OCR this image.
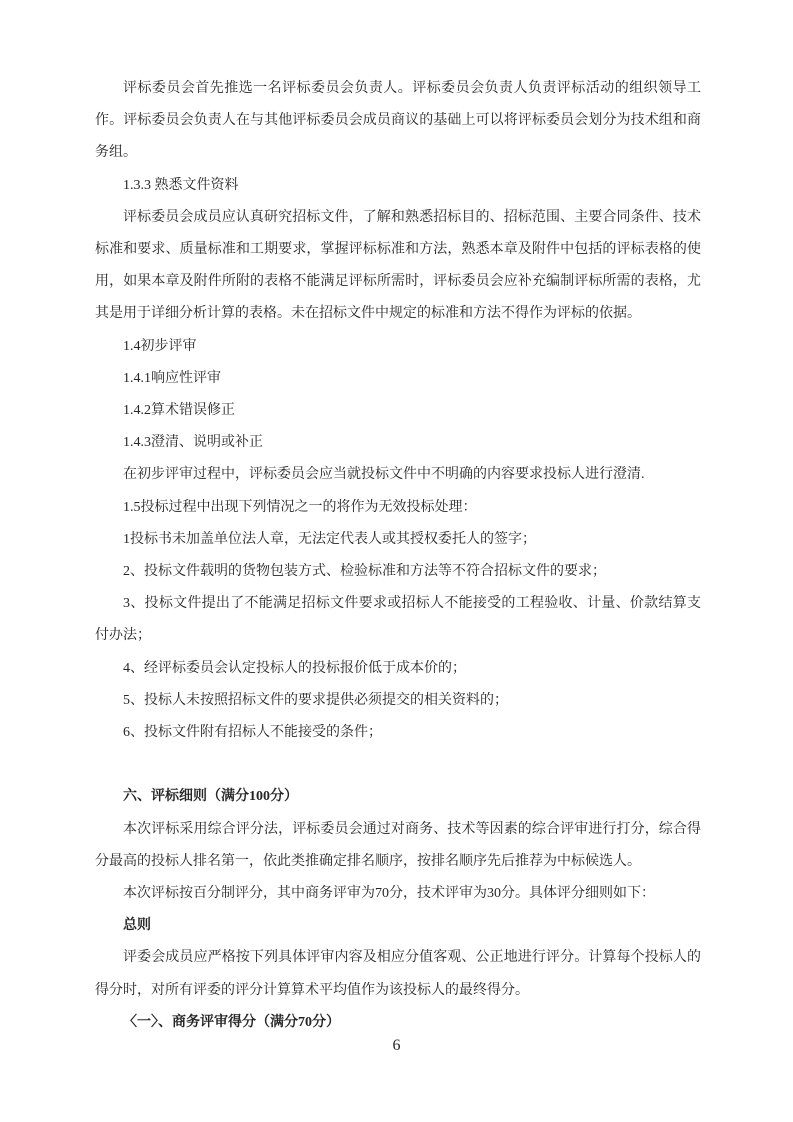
评标委员会首先推选一名评标委员会负责人。评标委员会负责人负责评标活动的组织领导工作。评标委员会负责人在与其他评标委员会成员商议的基础上可以将评标委员会划分为技术组和商务组。

1.3.3 熟悉文件资料

评标委员会成员应认真研究招标文件，了解和熟悉招标目的、招标范围、主要合同条件、技术标准和要求、质量标准和工期要求，掌握评标标准和方法，熟悉本章及附件中包括的评标表格的使用，如果本章及附件所附的表格不能满足评标所需时，评标委员会应补充编制评标所需的表格，尤其是用于详细分析计算的表格。未在招标文件中规定的标准和方法不得作为评标的依据。

1.4初步评审

1.4.1响应性评审

1.4.2算术错误修正

1.4.3澄清、说明或补正

在初步评审过程中，评标委员会应当就投标文件中不明确的内容要求投标人进行澄清.

1.5投标过程中出现下列情况之一的将作为无效投标处理：

1投标书未加盖单位法人章，无法定代表人或其授权委托人的签字；

2、投标文件载明的货物包装方式、检验标准和方法等不符合招标文件的要求；

3、投标文件提出了不能满足招标文件要求或招标人不能接受的工程验收、计量、价款结算支付办法；

4、经评标委员会认定投标人的投标报价低于成本价的；

5、投标人未按照招标文件的要求提供必须提交的相关资料的；

6、投标文件附有招标人不能接受的条件；

六、评标细则（满分100分）

本次评标采用综合评分法，评标委员会通过对商务、技术等因素的综合评审进行打分，综合得分最高的投标人排名第一，依此类推确定排名顺序，按排名顺序先后推荐为中标候选人。

本次评标按百分制评分，其中商务评审为70分，技术评审为30分。具体评分细则如下：

总则

评委会成员应严格按下列具体评审内容及相应分值客观、公正地进行评分。计算每个投标人的得分时，对所有评委的评分计算算术平均值作为该投标人的最终得分。

〈一〉、商务评审得分（满分70分）

6
